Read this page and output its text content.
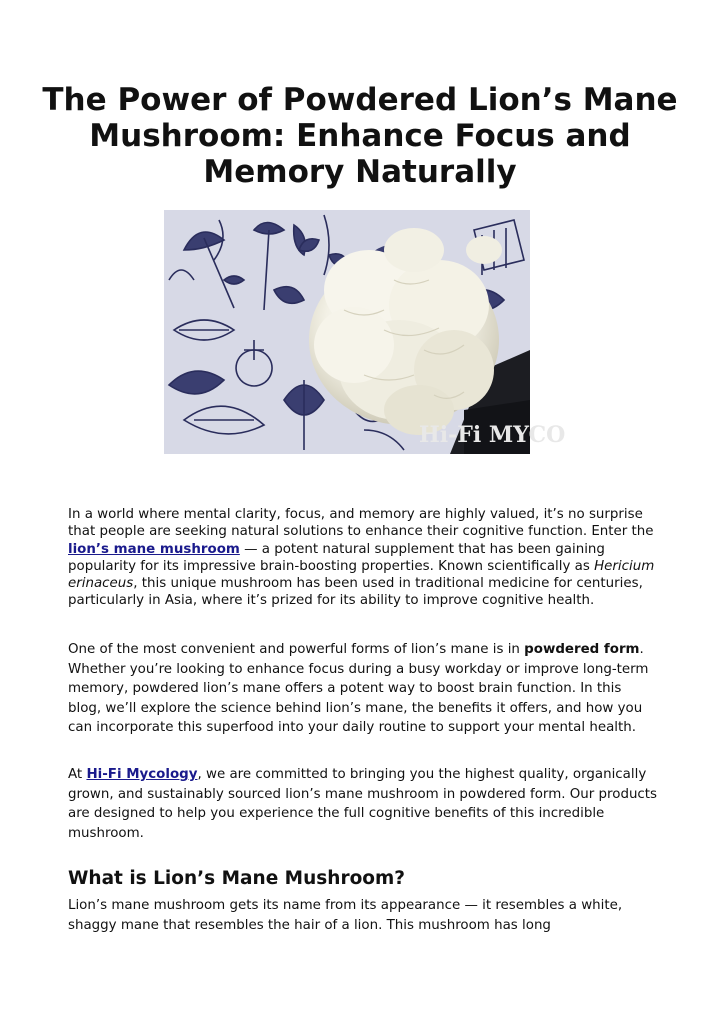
The Power of Powdered Lion’s Mane Mushroom: Enhance Focus and Memory Naturally
Hi-Fi MYCO

In a world where mental clarity, focus, and memory are highly valued, it’s no surprise that people are seeking natural solutions to enhance their cognitive function. Enter the lion’s mane mushroom — a potent natural supplement that has been gaining popularity for its impressive brain-boosting properties. Known scientifically as Hericium erinaceus, this unique mushroom has been used in traditional medicine for centuries, particularly in Asia, where it’s prized for its ability to improve cognitive health.

One of the most convenient and powerful forms of lion’s mane is in powdered form. Whether you’re looking to enhance focus during a busy workday or improve long-term memory, powdered lion’s mane offers a potent way to boost brain function. In this blog, we’ll explore the science behind lion’s mane, the benefits it offers, and how you can incorporate this superfood into your daily routine to support your mental health.

At Hi-Fi Mycology, we are committed to bringing you the highest quality, organically grown, and sustainably sourced lion’s mane mushroom in powdered form. Our products are designed to help you experience the full cognitive benefits of this incredible mushroom.

What is Lion’s Mane Mushroom?

Lion’s mane mushroom gets its name from its appearance — it resembles a white, shaggy mane that resembles the hair of a lion. This mushroom has long
